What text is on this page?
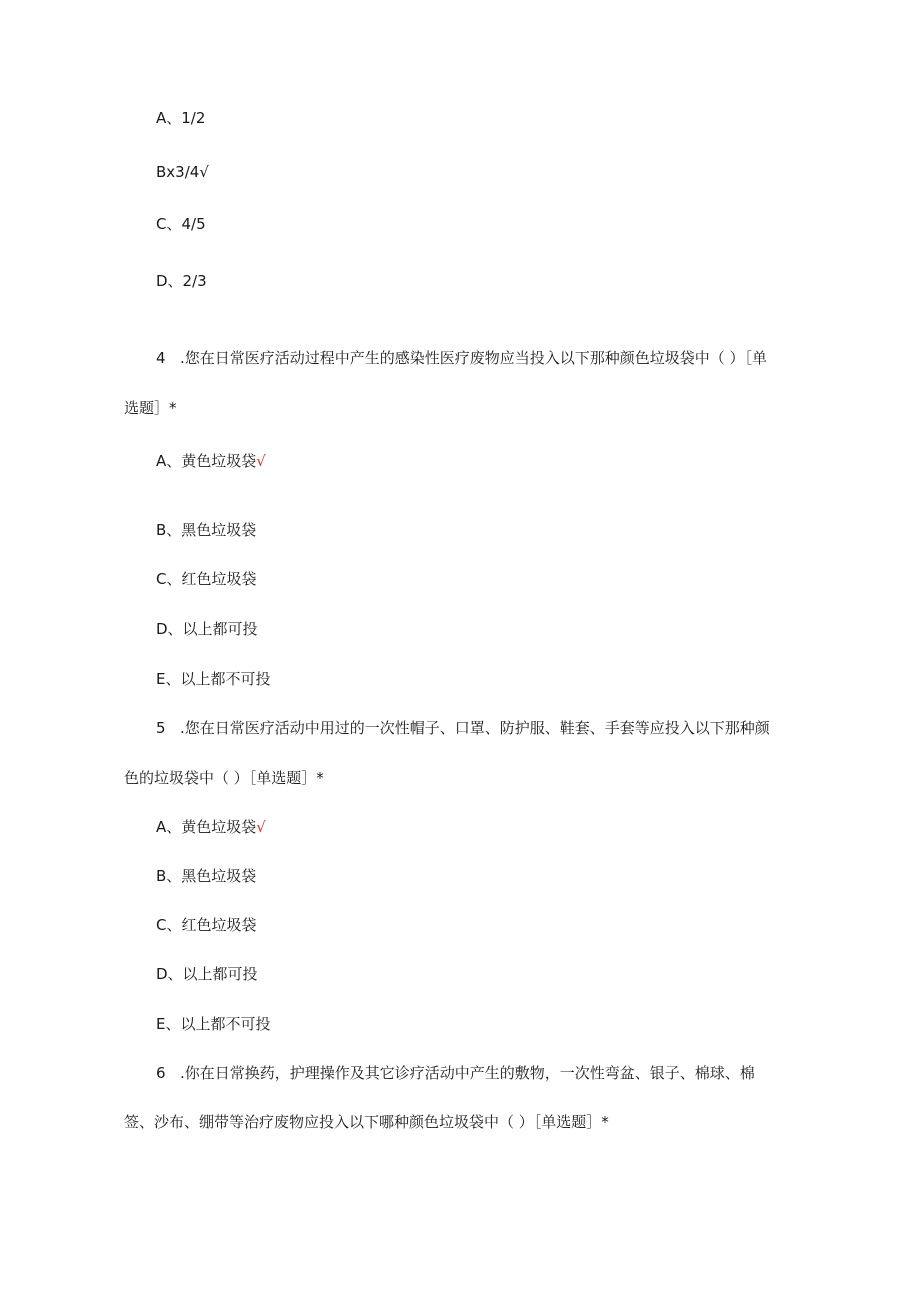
A、1/2
Bx3/4√
C、4/5
D、2/3
4 .您在日常医疗活动过程中产生的感染性医疗废物应当投入以下那种颜色垃圾袋中（ ）［单
选题］*
A、黄色垃圾袋√
B、黑色垃圾袋
C、红色垃圾袋
D、以上都可投
E、以上都不可投
5 .您在日常医疗活动中用过的一次性帽子、口罩、防护服、鞋套、手套等应投入以下那种颜
色的垃圾袋中（ ）［单选题］*
A、黄色垃圾袋√
B、黑色垃圾袋
C、红色垃圾袋
D、以上都可投
E、以上都不可投
6 .你在日常换药，护理操作及其它诊疗活动中产生的敷物，一次性弯盆、银子、棉球、棉
签、沙布、绷带等治疗废物应投入以下哪种颜色垃圾袋中（ ）［单选题］*
